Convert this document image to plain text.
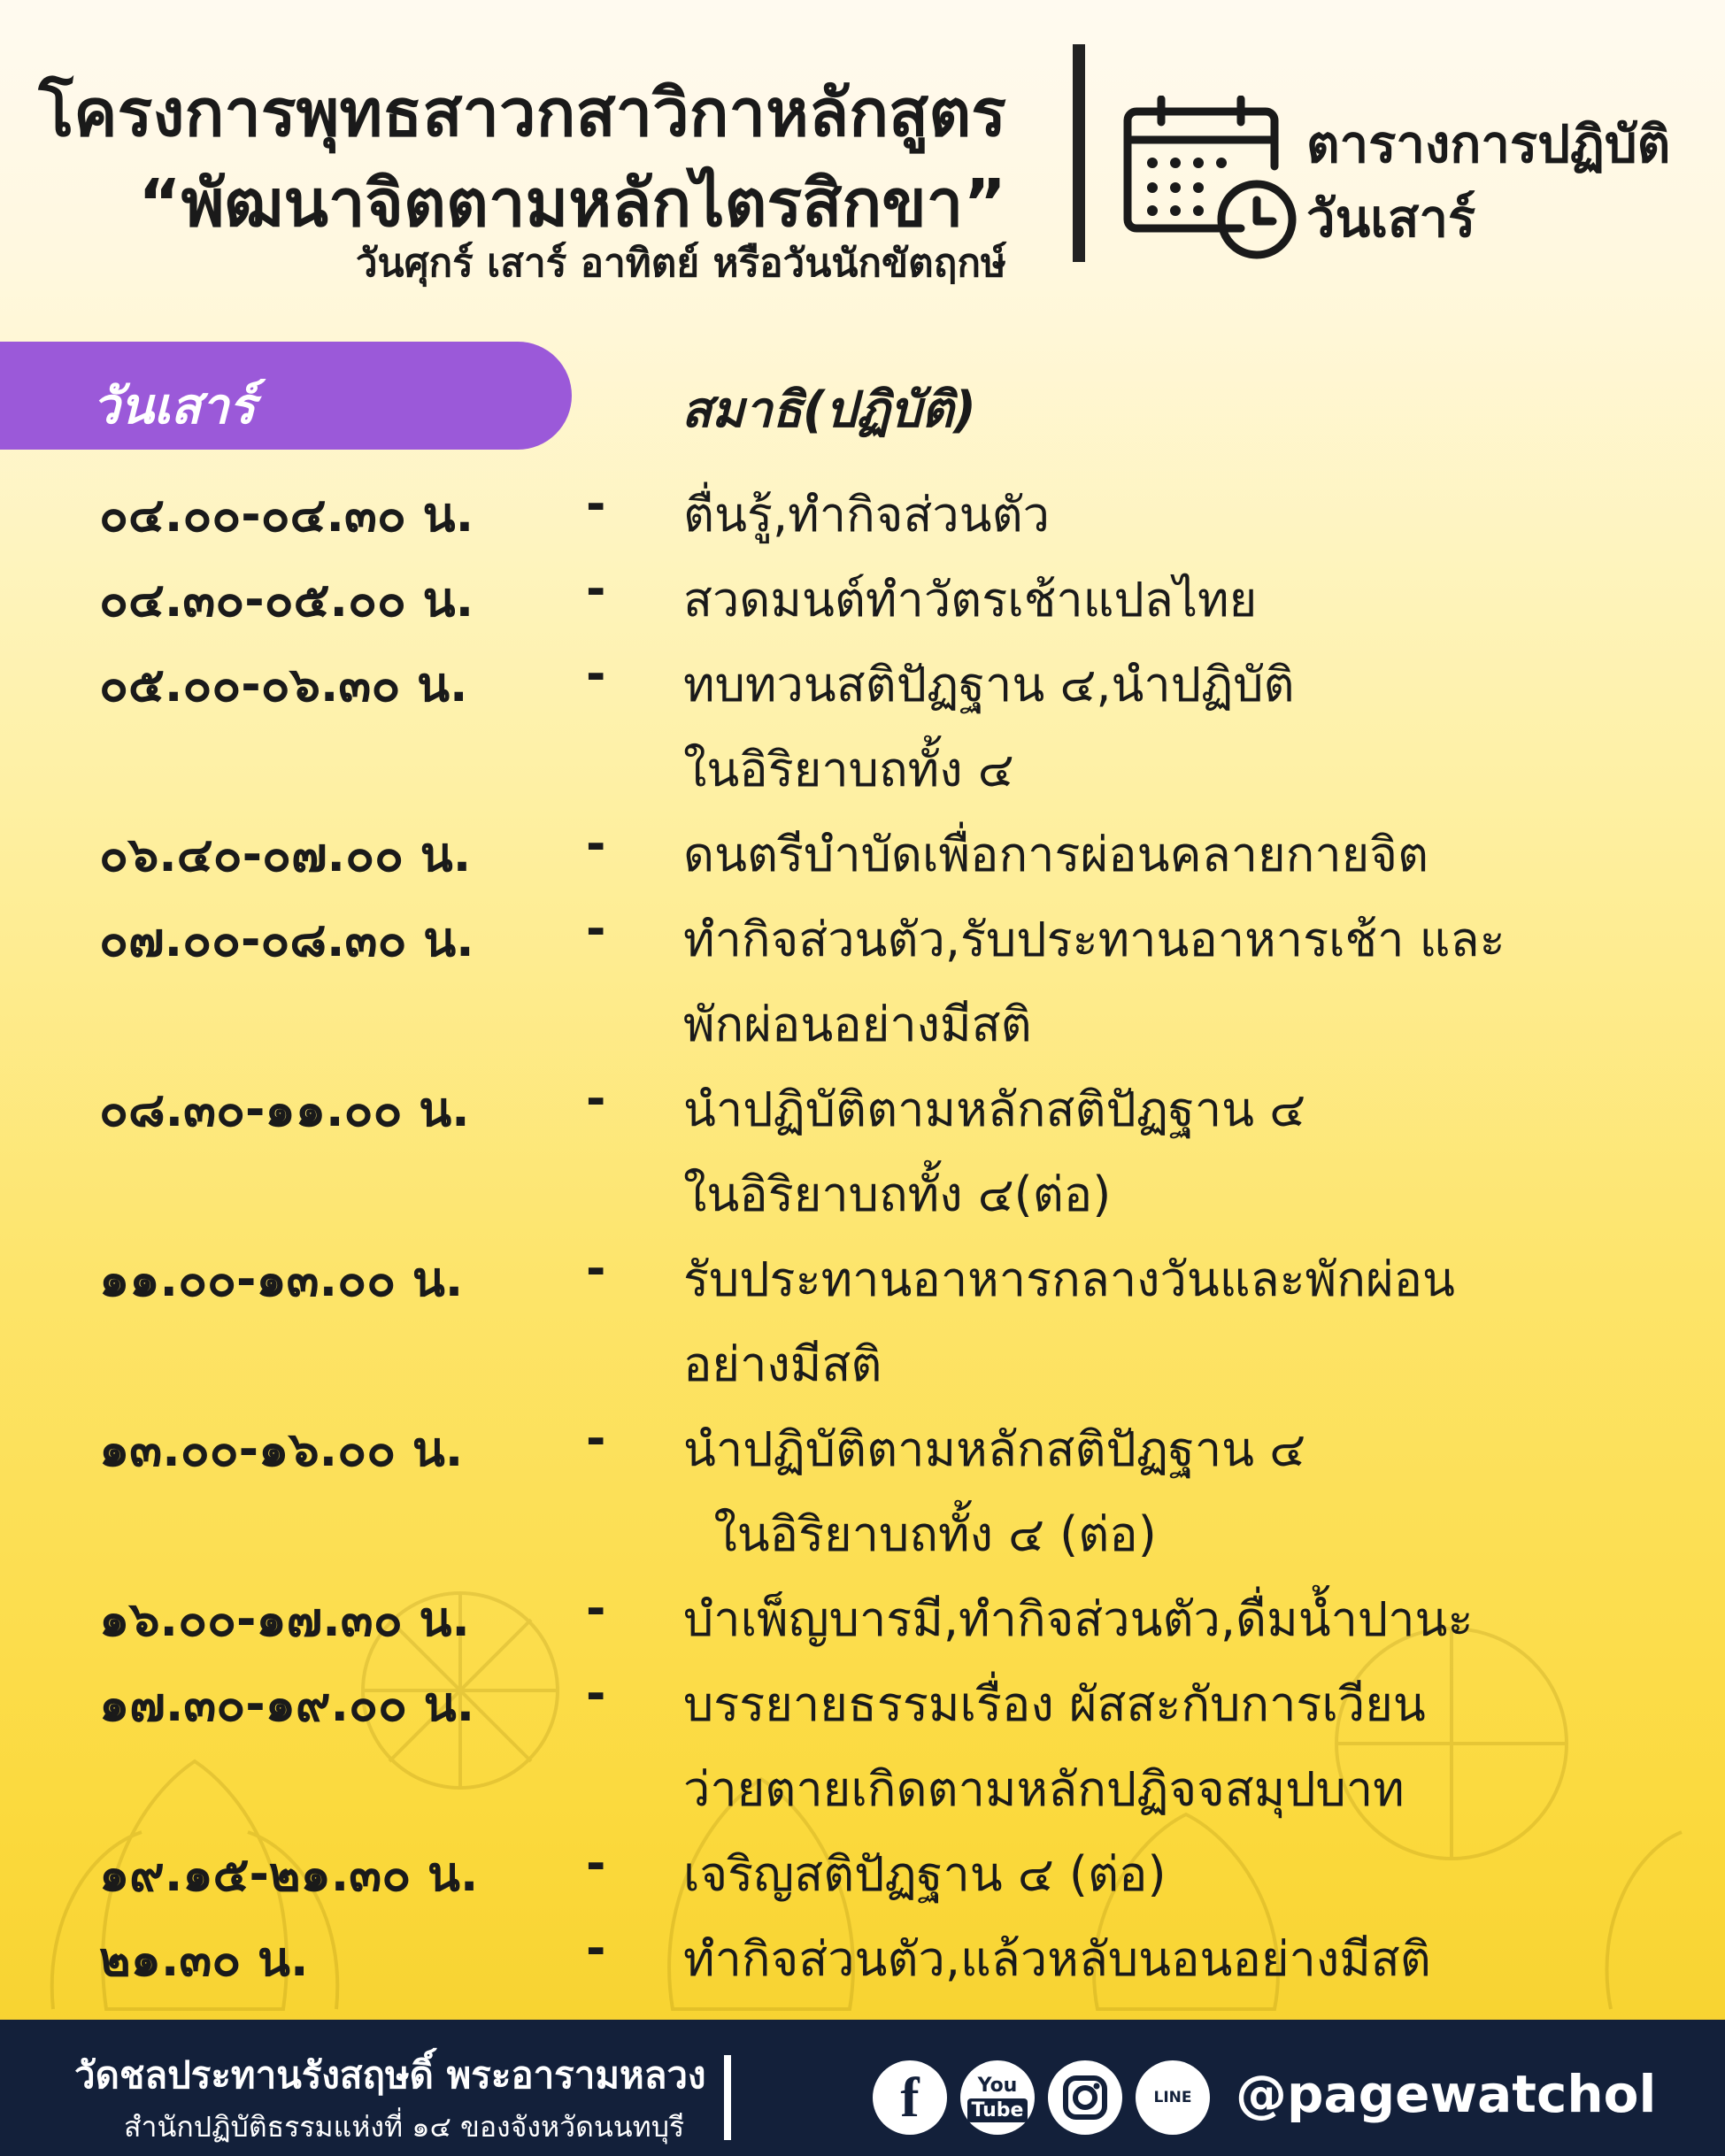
โครงการพุทธสาวกสาวิกาหลักสูตร
“พัฒนาจิตตามหลักไตรสิกขา”
วันศุกร์ เสาร์ อาทิตย์ หรือวันนักขัตฤกษ์
ตารางการปฏิบัติ
วันเสาร์
วันเสาร์	สมาธิ(ปฏิบัติ)
๐๔.๐๐-๐๔.๓๐ น. - ตื่นรู้,ทำกิจส่วนตัว
๐๔.๓๐-๐๕.๐๐ น. - สวดมนต์ทำวัตรเช้าแปลไทย
๐๕.๐๐-๐๖.๓๐ น. - ทบทวนสติปัฏฐาน ๔,นำปฏิบัติ
ในอิริยาบถทั้ง ๔
๐๖.๔๐-๐๗.๐๐ น. - ดนตรีบำบัดเพื่อการผ่อนคลายกายจิต
๐๗.๐๐-๐๘.๓๐ น. - ทำกิจส่วนตัว,รับประทานอาหารเช้า และ
พักผ่อนอย่างมีสติ
๐๘.๓๐-๑๑.๐๐ น. - นำปฏิบัติตามหลักสติปัฏฐาน ๔
ในอิริยาบถทั้ง ๔(ต่อ)
๑๑.๐๐-๑๓.๐๐ น.	- รับประทานอาหารกลางวันและพักผ่อน
อย่างมีสติ
๑๓.๐๐-๑๖.๐๐ น.	- นำปฏิบัติตามหลักสติปัฏฐาน ๔
ในอิริยาบถทั้ง ๔ (ต่อ)
๑๖.๐๐-๑๗.๓๐ น. - บำเพ็ญบารมี,ทำกิจส่วนตัว,ดื่มน้ำปานะ
๑๗.๓๐-๑๙.๐๐ น. - บรรยายธรรมเรื่อง ผัสสะกับการเวียน
ว่ายตายเกิดตามหลักปฏิจจสมุปบาท
๑๙.๑๕-๒๑.๓๐ น. - เจริญสติปัฏฐาน ๔ (ต่อ)
๒๑.๓๐ น.	- ทำกิจส่วนตัว,แล้วหลับนอนอย่างมีสติ
วัดชลประทานรังสฤษดิ์ พระอารามหลวง
สำนักปฏิบัติธรรมแห่งที่ ๑๔ ของจังหวัดนนทบุรี	f	You
Tube
LINE @pagewatchol
